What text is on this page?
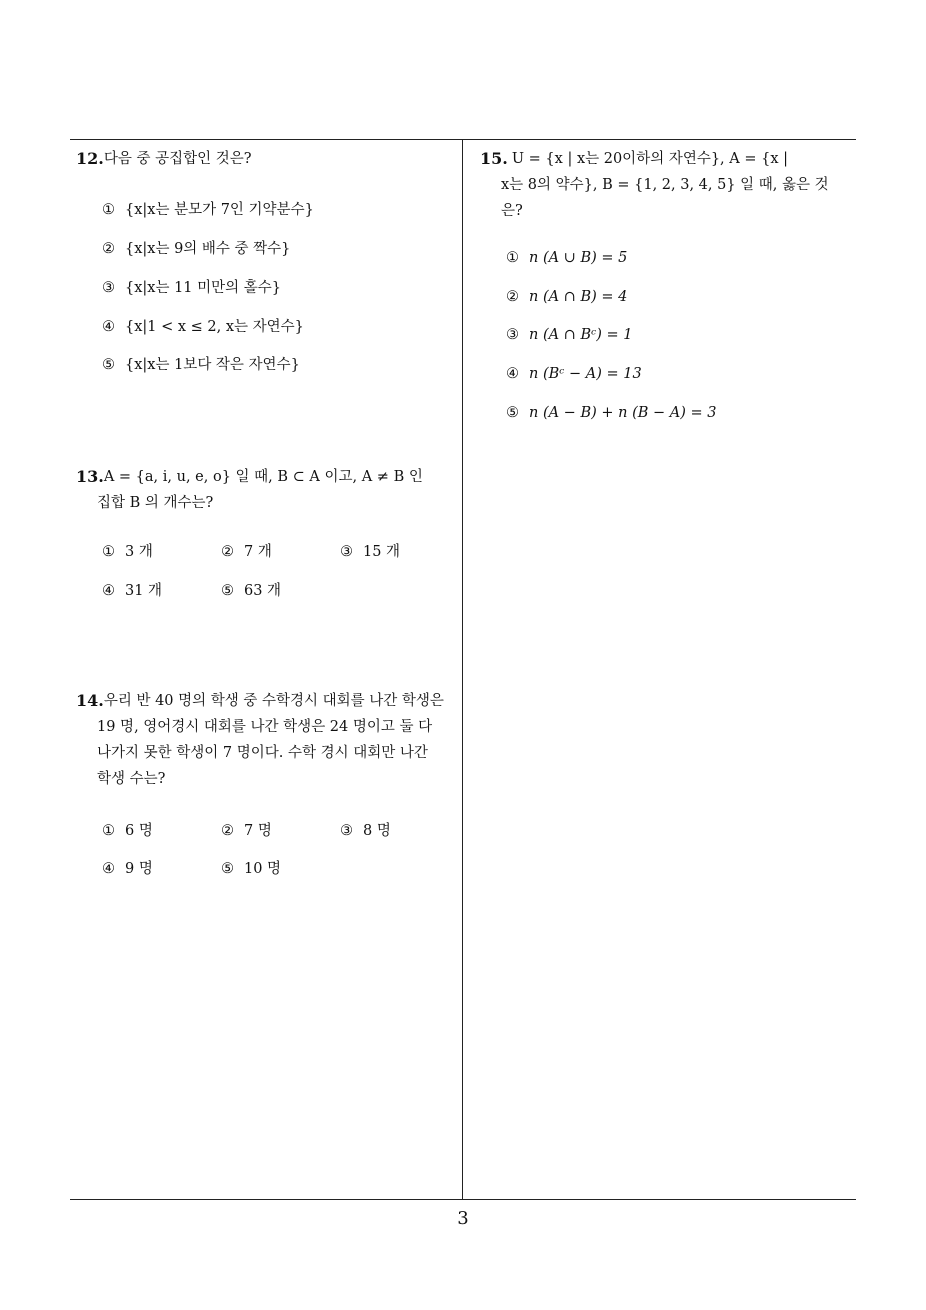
12. 다음 중 공집합인 것은?
① {x|x는 분모가 7인 기약분수}
② {x|x는 9의 배수 중 짝수}
③ {x|x는 11 미만의 홀수}
④ {x|1 < x ≤ 2, x는 자연수}
⑤ {x|x는 1보다 작은 자연수}
13. A = {a, i, u, e, o} 일 때, B ⊂ A 이고, A ≠ B 인
집합 B 의 개수는?
① 3 개	② 7 개	③ 15 개
④ 31 개	⑤ 63 개
14. 우리 반 40 명의 학생 중 수학경시 대회를 나간 학생은
19 명, 영어경시 대회를 나간 학생은 24 명이고 둘 다
나가지 못한 학생이 7 명이다. 수학 경시 대회만 나간
학생 수는?
① 6 명	② 7 명	③ 8 명
④ 9 명	⑤ 10 명
15. U = {x | x는 20이하의 자연수}, A = {x |
x는 8의 약수}, B = {1, 2, 3, 4, 5} 일 때, 옳은 것
은?
① n (A ∪ B) = 5
② n (A ∩ B) = 4
③ n (A ∩ Bᶜ) = 1
④ n (Bᶜ − A) = 13
⑤ n (A − B) + n (B − A) = 3
3
